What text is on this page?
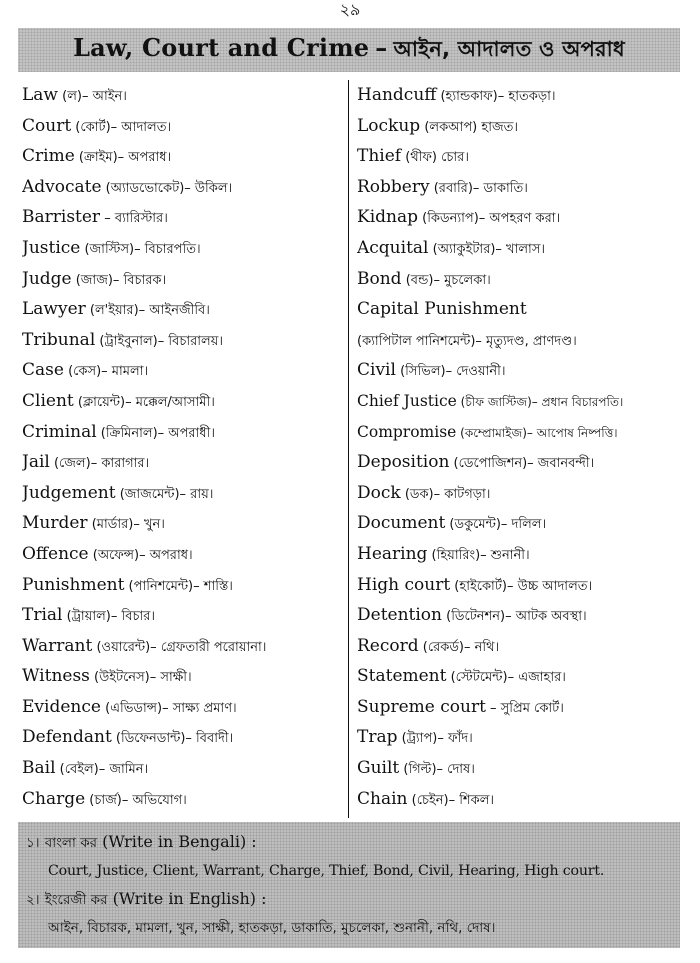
২৯
Law, Court and Crime – আইন, আদালত ও অপরাধ
Law (ল)– আইন।
Court (কোর্ট)– আদালত।
Crime (ক্রাইম)– অপরাধ।
Advocate (অ্যাডভোকেট)– উকিল।
Barrister – ব্যারিস্টার।
Justice (জাস্টিস)– বিচারপতি।
Judge (জাজ)– বিচারক।
Lawyer (ল'ইয়ার)– আইনজীবি।
Tribunal (ট্রাইবুনাল)– বিচারালয়।
Case (কেস)– মামলা।
Client (ক্লায়েন্ট)– মক্কেল/আসামী।
Criminal (ক্রিমিনাল)– অপরাধী।
Jail (জেল)– কারাগার।
Judgement (জাজমেন্ট)– রায়।
Murder (মার্ডার)– খুন।
Offence (অফেন্স)– অপরাধ।
Punishment (পানিশমেন্ট)– শাস্তি।
Trial (ট্রায়াল)– বিচার।
Warrant (ওয়ারেন্ট)– গ্রেফতারী পরোয়ানা।
Witness (উইটনেস)– সাক্ষী।
Evidence (এভিডান্স)– সাক্ষ্য প্রমাণ।
Defendant (ডিফেনডান্ট)– বিবাদী।
Bail (বেইল)– জামিন।
Charge (চার্জ)– অভিযোগ।
Handcuff (হ্যান্ডকাফ)– হাতকড়া।
Lockup (লকআপ) হাজত।
Thief (থীফ) চোর।
Robbery (রবারি)– ডাকাতি।
Kidnap (কিডন্যাপ)– অপহরণ করা।
Acquital (অ্যাকুইটার)– খালাস।
Bond (বন্ড)– মুচলেকা।
Capital Punishment
(ক্যাপিটাল পানিশমেন্ট)– মৃত্যুদণ্ড, প্রাণদণ্ড।
Civil (সিভিল)– দেওয়ানী।
Chief Justice (চীফ জাস্টিজ)– প্রধান বিচারপতি।
Compromise (কম্প্রোমাইজ)– আপোষ নিষ্পত্তি।
Deposition (ডেপোজিশন)– জবানবন্দী।
Dock (ডক)– কাটগড়া।
Document (ডকুমেন্ট)– দলিল।
Hearing (হিয়ারিং)– শুনানী।
High court (হাইকোর্ট)– উচ্চ আদালত।
Detention (ডিটেনশন)– আটক অবস্থা।
Record (রেকর্ড)– নথি।
Statement (স্টেটমেন্ট)– এজাহার।
Supreme court – সুপ্রিম কোর্ট।
Trap (ট্র্যাপ)– ফাঁদ।
Guilt (গিল্ট)– দোষ।
Chain (চেইন)– শিকল।
১। বাংলা কর (Write in Bengali) :
Court, Justice, Client, Warrant, Charge, Thief, Bond, Civil, Hearing, High court.
২। ইংরেজী কর (Write in English) :
আইন, বিচারক, মামলা, খুন, সাক্ষী, হাতকড়া, ডাকাতি, মুচলেকা, শুনানী, নথি, দোষ।
